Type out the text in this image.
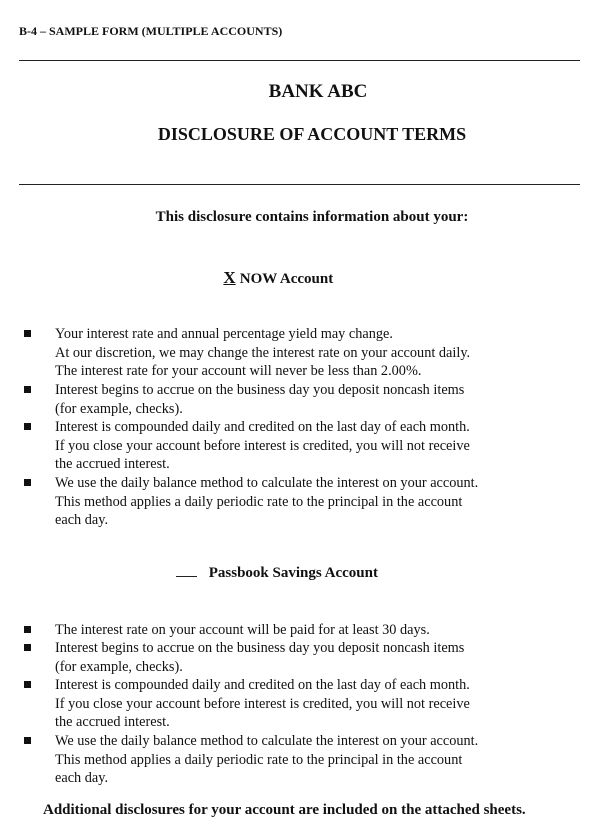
B-4 – SAMPLE FORM (MULTIPLE ACCOUNTS)
BANK ABC
DISCLOSURE OF ACCOUNT TERMS
This disclosure contains information about your:
X NOW Account
Your interest rate and annual percentage yield may change.
At our discretion, we may change the interest rate on your account daily.
The interest rate for your account will never be less than 2.00%.
Interest begins to accrue on the business day you deposit noncash items
(for example, checks).
Interest is compounded daily and credited on the last day of each month.
If you close your account before interest is credited, you will not receive
the accrued interest.
We use the daily balance method to calculate the interest on your account.
This method applies a daily periodic rate to the principal in the account
each day.
Passbook Savings Account
The interest rate on your account will be paid for at least 30 days.
Interest begins to accrue on the business day you deposit noncash items
(for example, checks).
Interest is compounded daily and credited on the last day of each month.
If you close your account before interest is credited, you will not receive
the accrued interest.
We use the daily balance method to calculate the interest on your account.
This method applies a daily periodic rate to the principal in the account
each day.
Additional disclosures for your account are included on the attached sheets.
